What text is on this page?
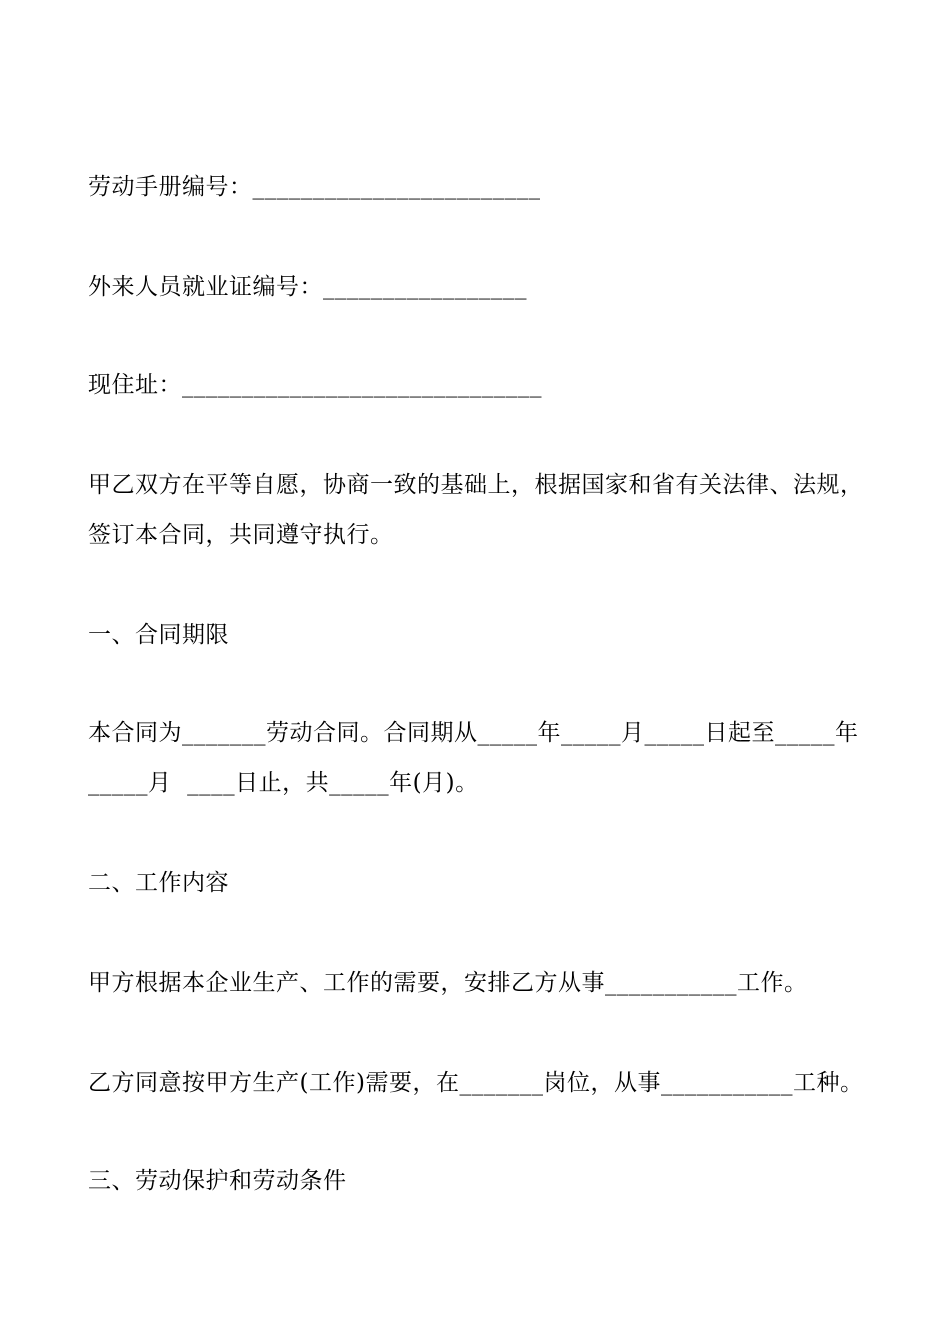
劳动手册编号：________________________
外来人员就业证编号：_________________
现住址：______________________________
甲乙双方在平等自愿，协商一致的基础上，根据国家和省有关法律、法规，
签订本合同，共同遵守执行。
一、合同期限
本合同为_______劳动合同。合同期从_____年_____月_____日起至_____年
_____月  ____日止，共_____年(月)。
二、工作内容
甲方根据本企业生产、工作的需要，安排乙方从事___________工作。
乙方同意按甲方生产(工作)需要，在_______岗位，从事___________工种。
三、劳动保护和劳动条件
